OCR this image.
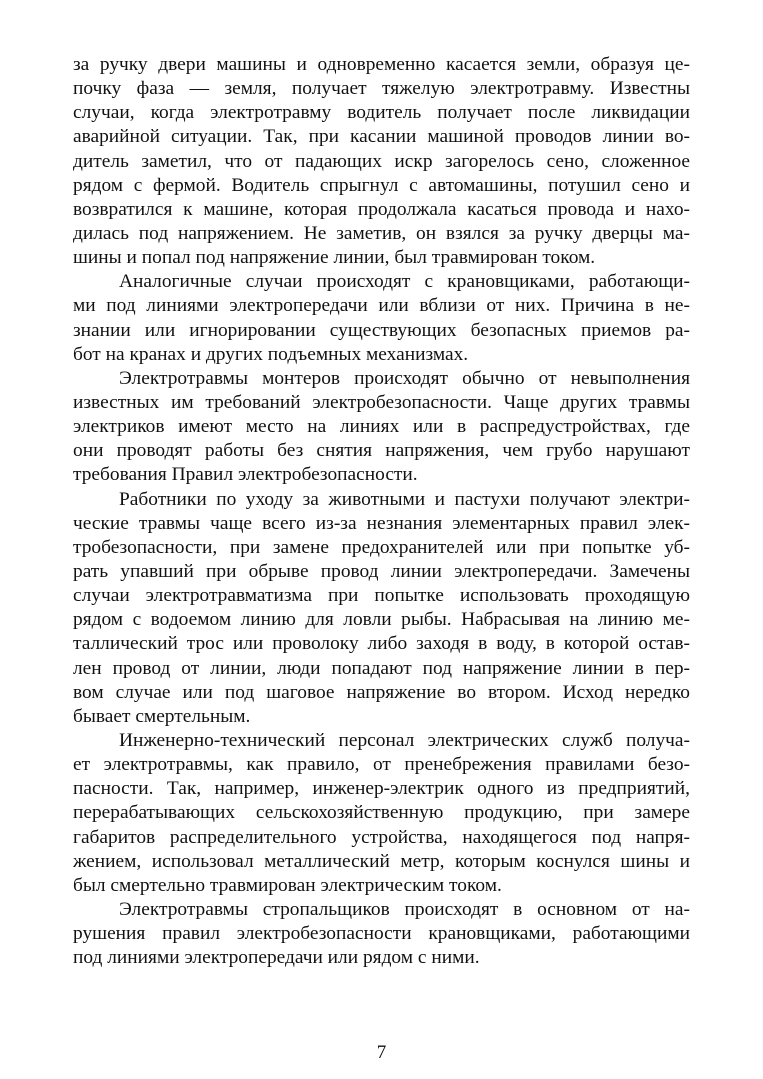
за ручку двери машины и одновременно касается земли, образуя це-
почку фаза — земля, получает тяжелую электротравму. Известны
случаи, когда электротравму водитель получает после ликвидации
аварийной ситуации. Так, при касании машиной проводов линии во-
дитель заметил, что от падающих искр загорелось сено, сложенное
рядом с фермой. Водитель спрыгнул с автомашины, потушил сено и
возвратился к машине, которая продолжала касаться провода и нахо-
дилась под напряжением. Не заметив, он взялся за ручку дверцы ма-
шины и попал под напряжение линии, был травмирован током.
Аналогичные случаи происходят с крановщиками, работающи-
ми под линиями электропередачи или вблизи от них. Причина в не-
знании или игнорировании существующих безопасных приемов ра-
бот на кранах и других подъемных механизмах.
Электротравмы монтеров происходят обычно от невыполнения
известных им требований электробезопасности. Чаще других травмы
электриков имеют место на линиях или в распредустройствах, где
они проводят работы без снятия напряжения, чем грубо нарушают
требования Правил электробезопасности.
Работники по уходу за животными и пастухи получают электри-
ческие травмы чаще всего из-за незнания элементарных правил элек-
тробезопасности, при замене предохранителей или при попытке уб-
рать упавший при обрыве провод линии электропередачи. Замечены
случаи электротравматизма при попытке использовать проходящую
рядом с водоемом линию для ловли рыбы. Набрасывая на линию ме-
таллический трос или проволоку либо заходя в воду, в которой остав-
лен провод от линии, люди попадают под напряжение линии в пер-
вом случае или под шаговое напряжение во втором. Исход нередко
бывает смертельным.
Инженерно-технический персонал электрических служб получа-
ет электротравмы, как правило, от пренебрежения правилами безо-
пасности. Так, например, инженер-электрик одного из предприятий,
перерабатывающих сельскохозяйственную продукцию, при замере
габаритов распределительного устройства, находящегося под напря-
жением, использовал металлический метр, которым коснулся шины и
был смертельно травмирован электрическим током.
Электротравмы стропальщиков происходят в основном от на-
рушения правил электробезопасности крановщиками, работающими
под линиями электропередачи или рядом с ними.
7
